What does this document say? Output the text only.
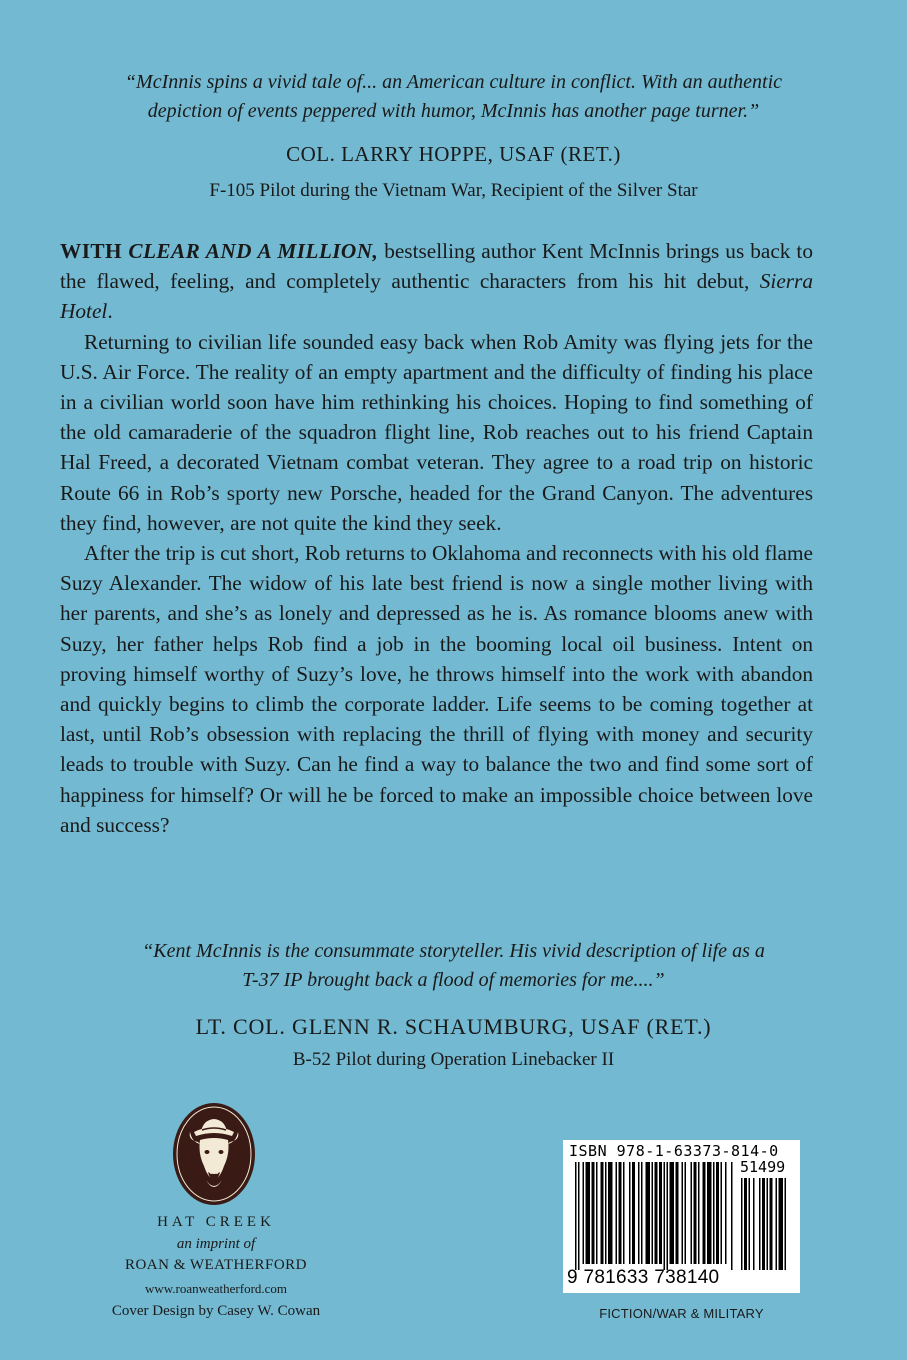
“McInnis spins a vivid tale of... an American culture in conflict. With an authentic
depiction of events peppered with humor, McInnis has another page turner.”
COL. LARRY HOPPE, USAF (RET.)
F-105 Pilot during the Vietnam War, Recipient of the Silver Star

WITH CLEAR AND A MILLION, bestselling author Kent McInnis brings us back to the flawed, feeling, and completely authentic characters from his hit debut, Sierra Hotel.

Returning to civilian life sounded easy back when Rob Amity was flying jets for the U.S. Air Force. The reality of an empty apartment and the difficulty of finding his place in a civilian world soon have him rethinking his choices. Hoping to find something of the old camaraderie of the squadron flight line, Rob reaches out to his friend Captain Hal Freed, a decorated Vietnam combat veteran. They agree to a road trip on historic Route 66 in Rob’s sporty new Porsche, headed for the Grand Canyon. The adventures they find, however, are not quite the kind they seek.

After the trip is cut short, Rob returns to Oklahoma and reconnects with his old flame Suzy Alexander. The widow of his late best friend is now a single mother living with her parents, and she’s as lonely and depressed as he is. As romance blooms anew with Suzy, her father helps Rob find a job in the booming local oil business. Intent on proving himself worthy of Suzy’s love, he throws himself into the work with abandon and quickly begins to climb the corporate ladder. Life seems to be coming together at last, until Rob’s obsession with replacing the thrill of flying with money and security leads to trouble with Suzy. Can he find a way to balance the two and find some sort of happiness for himself? Or will he be forced to make an impossible choice between love and success?

“Kent McInnis is the consummate storyteller. His vivid description of life as a
T-37 IP brought back a flood of memories for me....”
LT. COL. GLENN R. SCHAUMBURG, USAF (RET.)
B-52 Pilot during Operation Linebacker II
HAT CREEK
an imprint of
ROAN & WEATHERFORD
www.roanweatherford.com
Cover Design by Casey W. Cowan
ISBN 978-1-63373-814-0
51499
9 781633 738140
FICTION/WAR & MILITARY
